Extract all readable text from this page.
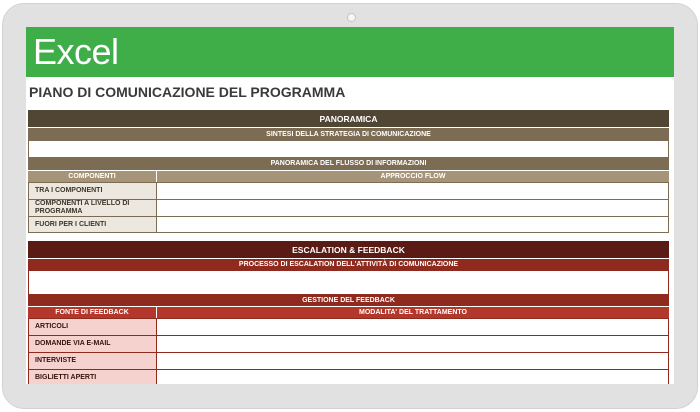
Excel
PIANO DI COMUNICAZIONE DEL PROGRAMMA
PANORAMICA
SINTESI DELLA STRATEGIA DI COMUNICAZIONE
PANORAMICA DEL FLUSSO DI INFORMAZIONI
COMPONENTI	APPROCCIO FLOW
TRA I COMPONENTI
COMPONENTI A LIVELLO DI PROGRAMMA
FUORI PER I CLIENTI
ESCALATION & FEEDBACK
PROCESSO DI ESCALATION DELL'ATTIVITÀ DI COMUNICAZIONE
GESTIONE DEL FEEDBACK
FONTE DI FEEDBACK	MODALITA' DEL TRATTAMENTO
ARTICOLI
DOMANDE VIA E-MAIL
INTERVISTE
BIGLIETTI APERTI
